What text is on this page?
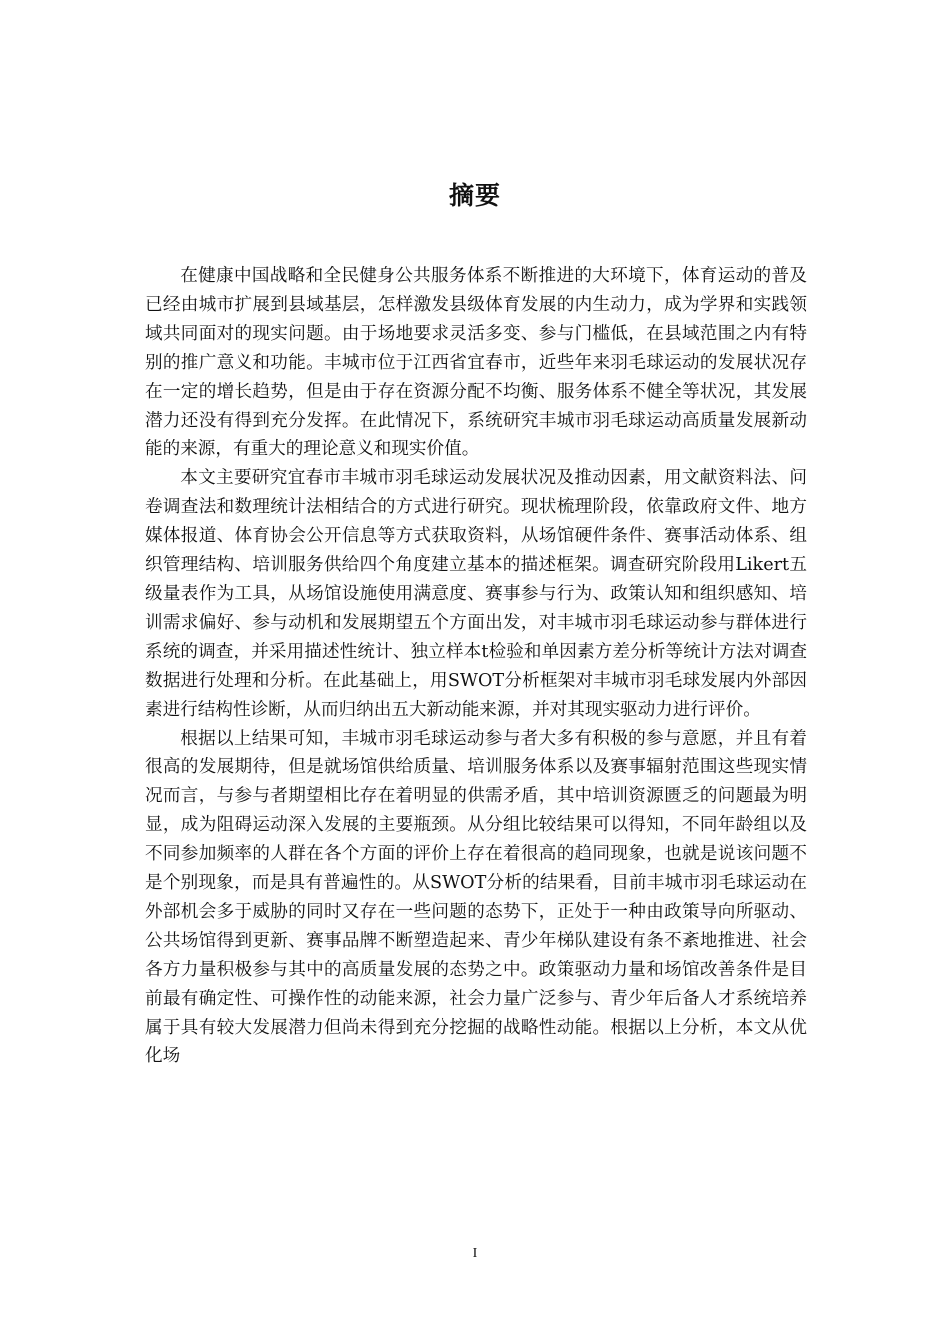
摘要

在健康中国战略和全民健身公共服务体系不断推进的大环境下，体育运动的普及已经由城市扩展到县域基层，怎样激发县级体育发展的内生动力，成为学界和实践领域共同面对的现实问题。由于场地要求灵活多变、参与门槛低，在县域范围之内有特别的推广意义和功能。丰城市位于江西省宜春市，近些年来羽毛球运动的发展状况存在一定的增长趋势，但是由于存在资源分配不均衡、服务体系不健全等状况，其发展潜力还没有得到充分发挥。在此情况下，系统研究丰城市羽毛球运动高质量发展新动能的来源，有重大的理论意义和现实价值。

本文主要研究宜春市丰城市羽毛球运动发展状况及推动因素，用文献资料法、问卷调查法和数理统计法相结合的方式进行研究。现状梳理阶段，依靠政府文件、地方媒体报道、体育协会公开信息等方式获取资料，从场馆硬件条件、赛事活动体系、组织管理结构、培训服务供给四个角度建立基本的描述框架。调查研究阶段用Likert五级量表作为工具，从场馆设施使用满意度、赛事参与行为、政策认知和组织感知、培训需求偏好、参与动机和发展期望五个方面出发，对丰城市羽毛球运动参与群体进行系统的调查，并采用描述性统计、独立样本t检验和单因素方差分析等统计方法对调查数据进行处理和分析。在此基础上，用SWOT分析框架对丰城市羽毛球发展内外部因素进行结构性诊断，从而归纳出五大新动能来源，并对其现实驱动力进行评价。

根据以上结果可知，丰城市羽毛球运动参与者大多有积极的参与意愿，并且有着很高的发展期待，但是就场馆供给质量、培训服务体系以及赛事辐射范围这些现实情况而言，与参与者期望相比存在着明显的供需矛盾，其中培训资源匮乏的问题最为明显，成为阻碍运动深入发展的主要瓶颈。从分组比较结果可以得知，不同年龄组以及不同参加频率的人群在各个方面的评价上存在着很高的趋同现象，也就是说该问题不是个别现象，而是具有普遍性的。从SWOT分析的结果看，目前丰城市羽毛球运动在外部机会多于威胁的同时又存在一些问题的态势下，正处于一种由政策导向所驱动、公共场馆得到更新、赛事品牌不断塑造起来、青少年梯队建设有条不紊地推进、社会各方力量积极参与其中的高质量发展的态势之中。政策驱动力量和场馆改善条件是目前最有确定性、可操作性的动能来源，社会力量广泛参与、青少年后备人才系统培养属于具有较大发展潜力但尚未得到充分挖掘的战略性动能。根据以上分析，本文从优化场

I
